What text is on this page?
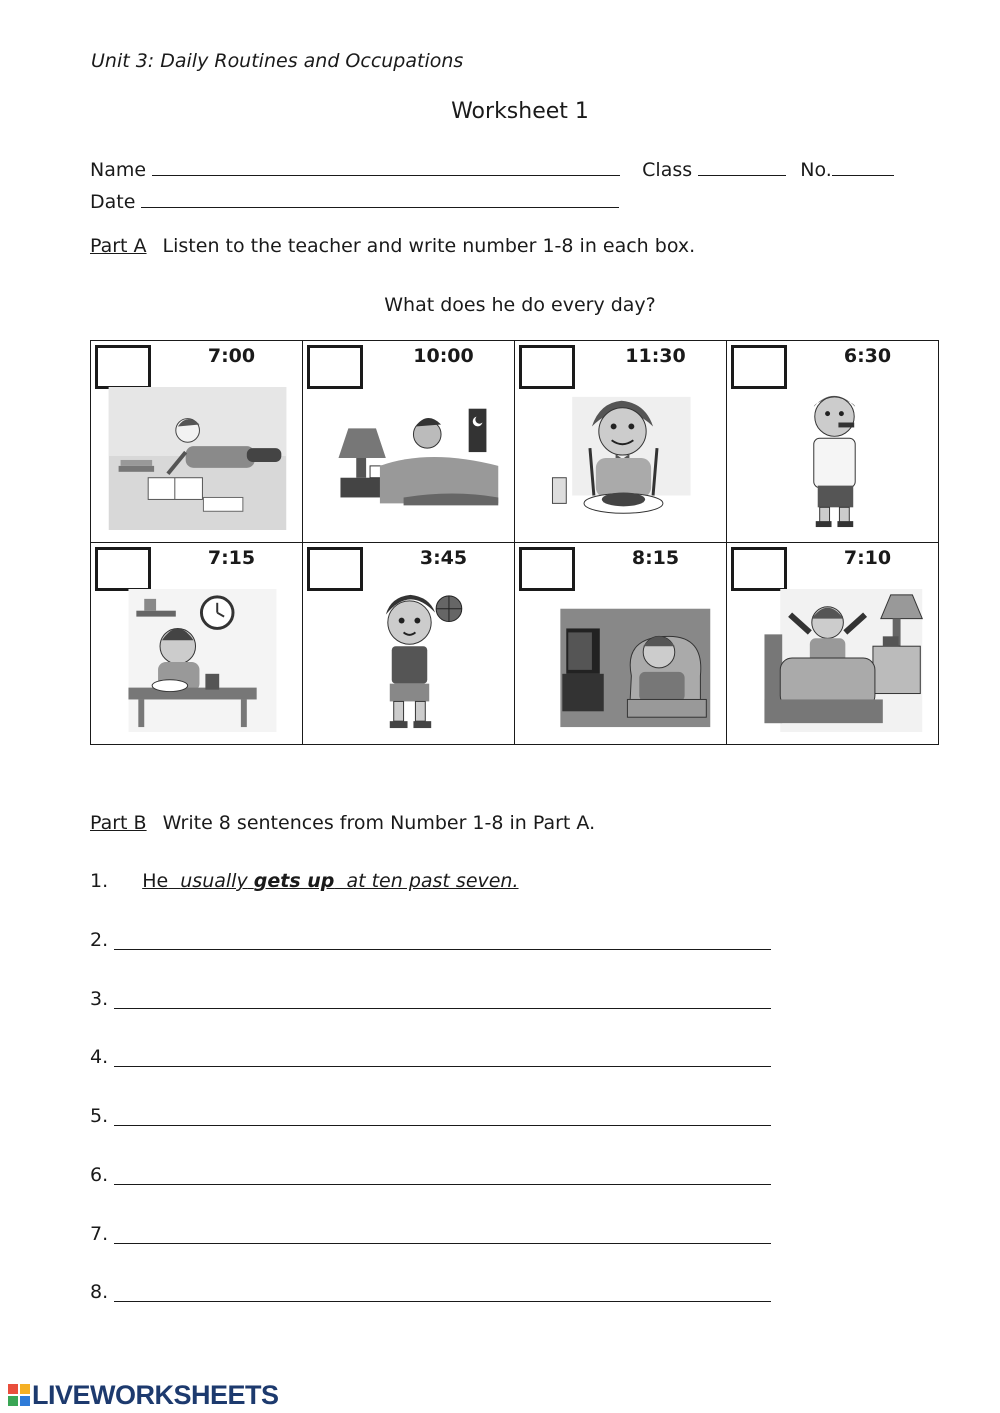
Unit 3: Daily Routines and Occupations
Worksheet 1
Name	Class	No.
Date
Part A Listen to the teacher and write number 1-8 in each box.
What does he do every day?
7:00	10:00	11:30	6:30

7:15	3:45	8:15	7:10
Part B Write 8 sentences from Number 1-8 in Part A.
1. He usually gets up at ten past seven.
2.
3.
4.
5.
6.
7.
8.
LIVEWORKSHEETS
